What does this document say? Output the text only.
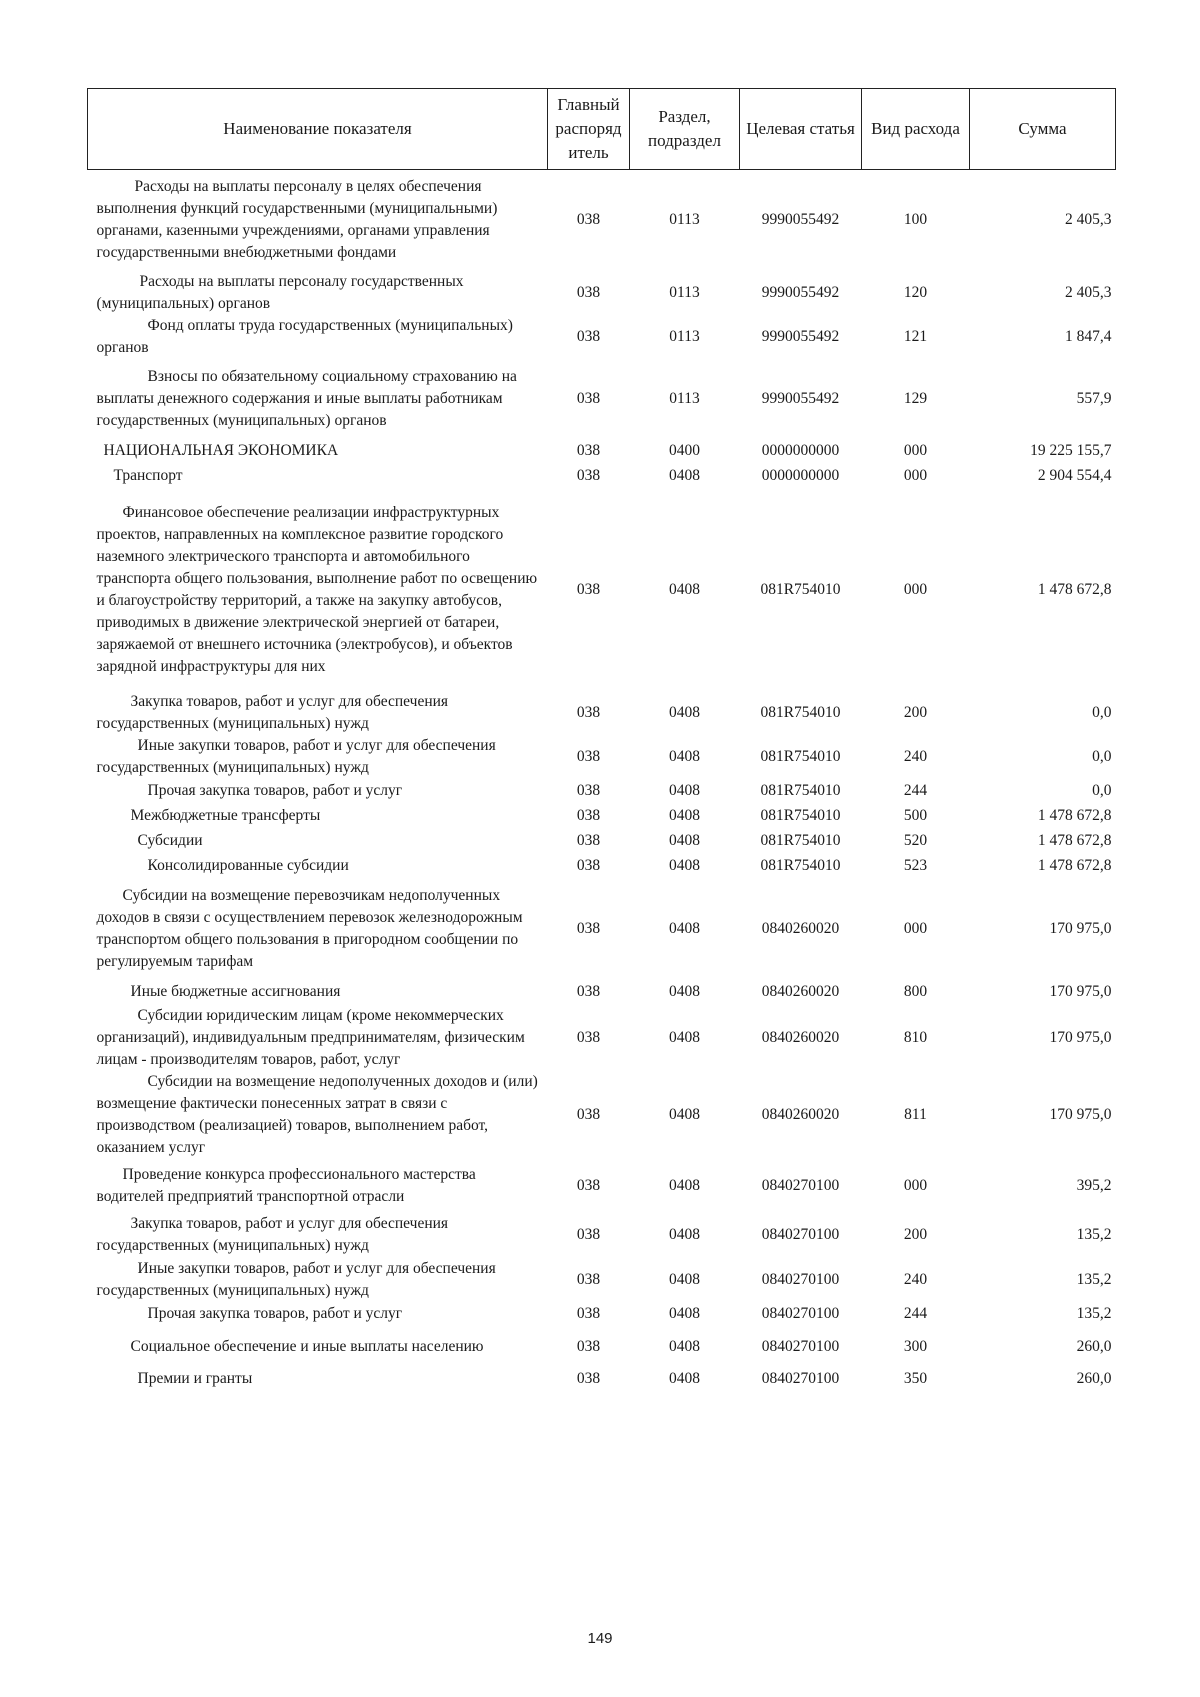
Наименование показателя	Главный распоряд итель	Раздел, подраздел	Целевая статья	Вид расхода	Сумма
Расходы на выплаты персоналу в целях обеспечения выполнения функций государственными (муниципальными) органами, казенными учреждениями, органами управления государственными внебюджетными фондами	038	0113	9990055492	100	2 405,3
Расходы на выплаты персоналу государственных (муниципальных) органов	038	0113	9990055492	120	2 405,3
Фонд оплаты труда государственных (муниципальных) органов	038	0113	9990055492	121	1 847,4
Взносы по обязательному социальному страхованию на выплаты денежного содержания и иные выплаты работникам государственных (муниципальных) органов	038	0113	9990055492	129	557,9
НАЦИОНАЛЬНАЯ ЭКОНОМИКА	038	0400	0000000000	000	19 225 155,7
Транспорт	038	0408	0000000000	000	2 904 554,4
Финансовое обеспечение реализации инфраструктурных проектов, направленных на комплексное развитие городского наземного электрического транспорта и автомобильного транспорта общего пользования, выполнение работ по освещению и благоустройству территорий, а также на закупку автобусов, приводимых в движение электрической энергией от батареи, заряжаемой от внешнего источника (электробусов), и объектов зарядной инфраструктуры для них	038	0408	081R754010	000	1 478 672,8
Закупка товаров, работ и услуг для обеспечения государственных (муниципальных) нужд	038	0408	081R754010	200	0,0
Иные закупки товаров, работ и услуг для обеспечения государственных (муниципальных) нужд	038	0408	081R754010	240	0,0
Прочая закупка товаров, работ и услуг	038	0408	081R754010	244	0,0
Межбюджетные трансферты	038	0408	081R754010	500	1 478 672,8
Субсидии	038	0408	081R754010	520	1 478 672,8
Консолидированные субсидии	038	0408	081R754010	523	1 478 672,8
Субсидии на возмещение перевозчикам недополученных доходов в связи с осуществлением перевозок железнодорожным транспортом общего пользования в пригородном сообщении по регулируемым тарифам	038	0408	0840260020	000	170 975,0
Иные бюджетные ассигнования	038	0408	0840260020	800	170 975,0
Субсидии юридическим лицам (кроме некоммерческих организаций), индивидуальным предпринимателям, физическим лицам - производителям товаров, работ, услуг	038	0408	0840260020	810	170 975,0
Субсидии на возмещение недополученных доходов и (или) возмещение фактически понесенных затрат в связи с производством (реализацией) товаров, выполнением работ, оказанием услуг	038	0408	0840260020	811	170 975,0
Проведение конкурса профессионального мастерства водителей предприятий транспортной отрасли	038	0408	0840270100	000	395,2
Закупка товаров, работ и услуг для обеспечения государственных (муниципальных) нужд	038	0408	0840270100	200	135,2
Иные закупки товаров, работ и услуг для обеспечения государственных (муниципальных) нужд	038	0408	0840270100	240	135,2
Прочая закупка товаров, работ и услуг	038	0408	0840270100	244	135,2
Социальное обеспечение и иные выплаты населению	038	0408	0840270100	300	260,0
Премии и гранты	038	0408	0840270100	350	260,0
149
